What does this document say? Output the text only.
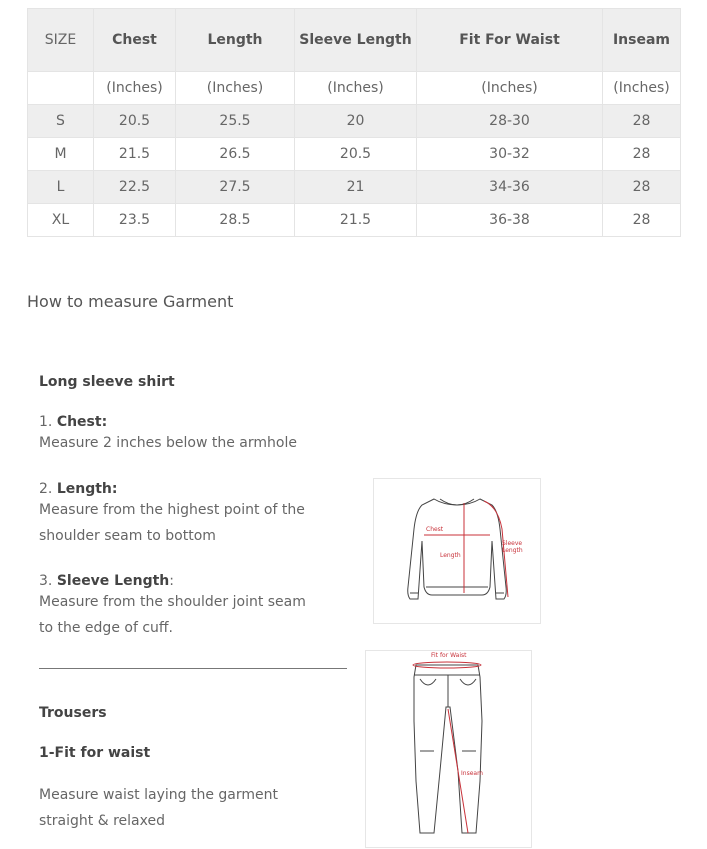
SIZE	Chest	Length	Sleeve Length	Fit For Waist	Inseam
	(Inches)	(Inches)	(Inches)	(Inches)	(Inches)
S	20.5	25.5	20	28-30	28
M	21.5	26.5	20.5	30-32	28
L	22.5	27.5	21	34-36	28
XL	23.5	28.5	21.5	36-38	28
How to measure Garment
Long sleeve shirt
1. Chest:
Measure 2 inches below the armhole
2. Length:
Measure from the highest point of the
shoulder seam to bottom
3. Sleeve Length:
Measure from the shoulder joint seam
to the edge of cuff.
Trousers
1-Fit for waist
Measure waist laying the garment
straight & relaxed
Chest
Length
Sleeve
Length
Fit for Waist
Inseam
